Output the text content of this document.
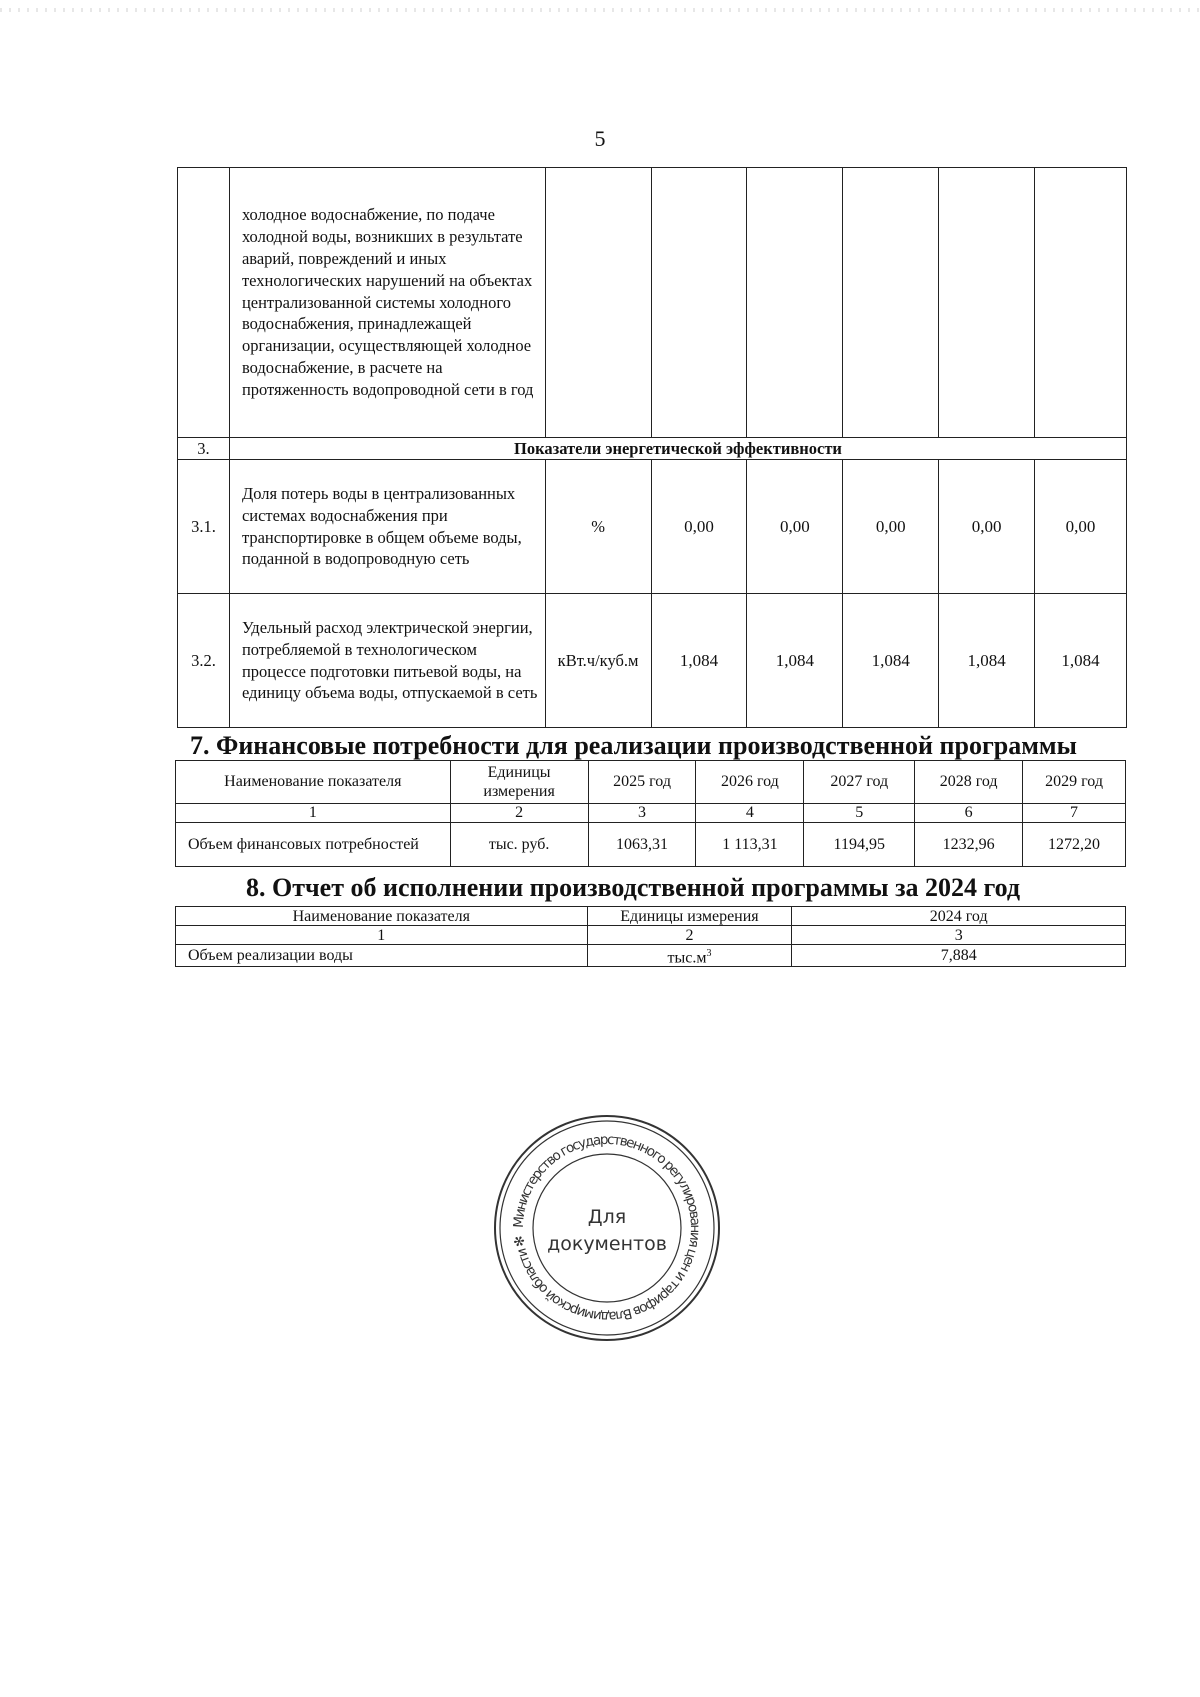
5
	холодное водоснабжение, по подаче холодной воды, возникших в результате аварий, повреждений и иных технологических нарушений на объектах централизованной системы холодного водоснабжения, принадлежащей организации, осуществляющей холодное водоснабжение, в расчете на протяженность водопроводной сети в год						
3.	Показатели энергетической эффективности						
3.1.	Доля потерь воды в централизованных системах водоснабжения при транспортировке в общем объеме воды, поданной в водопроводную сеть	%	0,00	0,00	0,00	0,00	0,00
3.2.	Удельный расход электрической энергии, потребляемой в технологическом процессе подготовки питьевой воды, на единицу объема воды, отпускаемой в сеть	кВт.ч/куб.м	1,084	1,084	1,084	1,084	1,084
7. Финансовые потребности для реализации производственной программы
Наименование показателя	Единицы измерения	2025 год	2026 год	2027 год	2028 год	2029 год
1	2	3	4	5	6	7
Объем финансовых потребностей	тыс. руб.	1063,31	1 113,31	1194,95	1232,96	1272,20
8. Отчет об исполнении производственной программы за 2024 год
Наименование показателя	Единицы измерения	2024 год
1	2	3
Объем реализации воды	$тыс.м^3$	7,884
Министерство государственного регулирования цен и тарифов Владимирской области ✻
Для
документов
